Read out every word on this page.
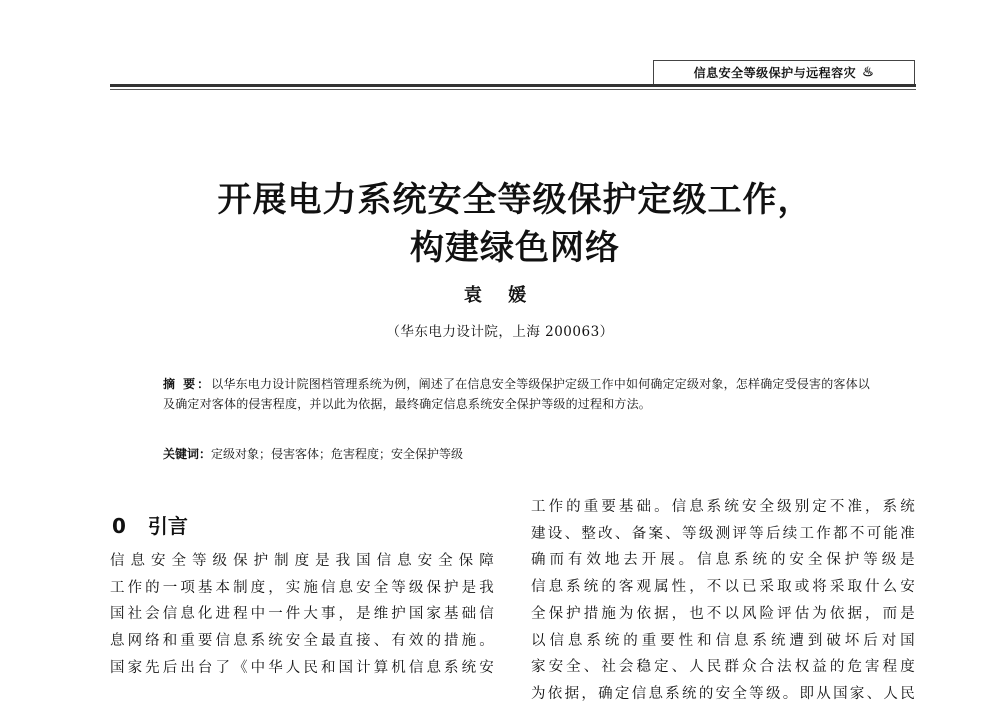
信息安全等级保护与远程容灾 ♨
开展电力系统安全等级保护定级工作，
构建绿色网络
袁 媛
（华东电力设计院，上海 200063）
摘 要：以华东电力设计院图档管理系统为例，阐述了在信息安全等级保护定级工作中如何确定定级对象，怎样确定受侵害的客体以及确定对客体的侵害程度，并以此为依据，最终确定信息系统安全保护等级的过程和方法。
关键词：定级对象；侵害客体；危害程度；安全保护等级
0 引言
信息安全等级保护制度是我国信息安全保障
工作的一项基本制度，实施信息安全等级保护是我
国社会信息化进程中一件大事，是维护国家基础信
息网络和重要信息系统安全最直接、有效的措施。
国家先后出台了《中华人民和国计算机信息系统安
工作的重要基础。信息系统安全级别定不准，系统
建设、整改、备案、等级测评等后续工作都不可能准
确而有效地去开展。信息系统的安全保护等级是
信息系统的客观属性，不以已采取或将采取什么安
全保护措施为依据，也不以风险评估为依据，而是
以信息系统的重要性和信息系统遭到破坏后对国
家安全、社会稳定、人民群众合法权益的危害程度
为依据，确定信息系统的安全等级。即从国家、人民
